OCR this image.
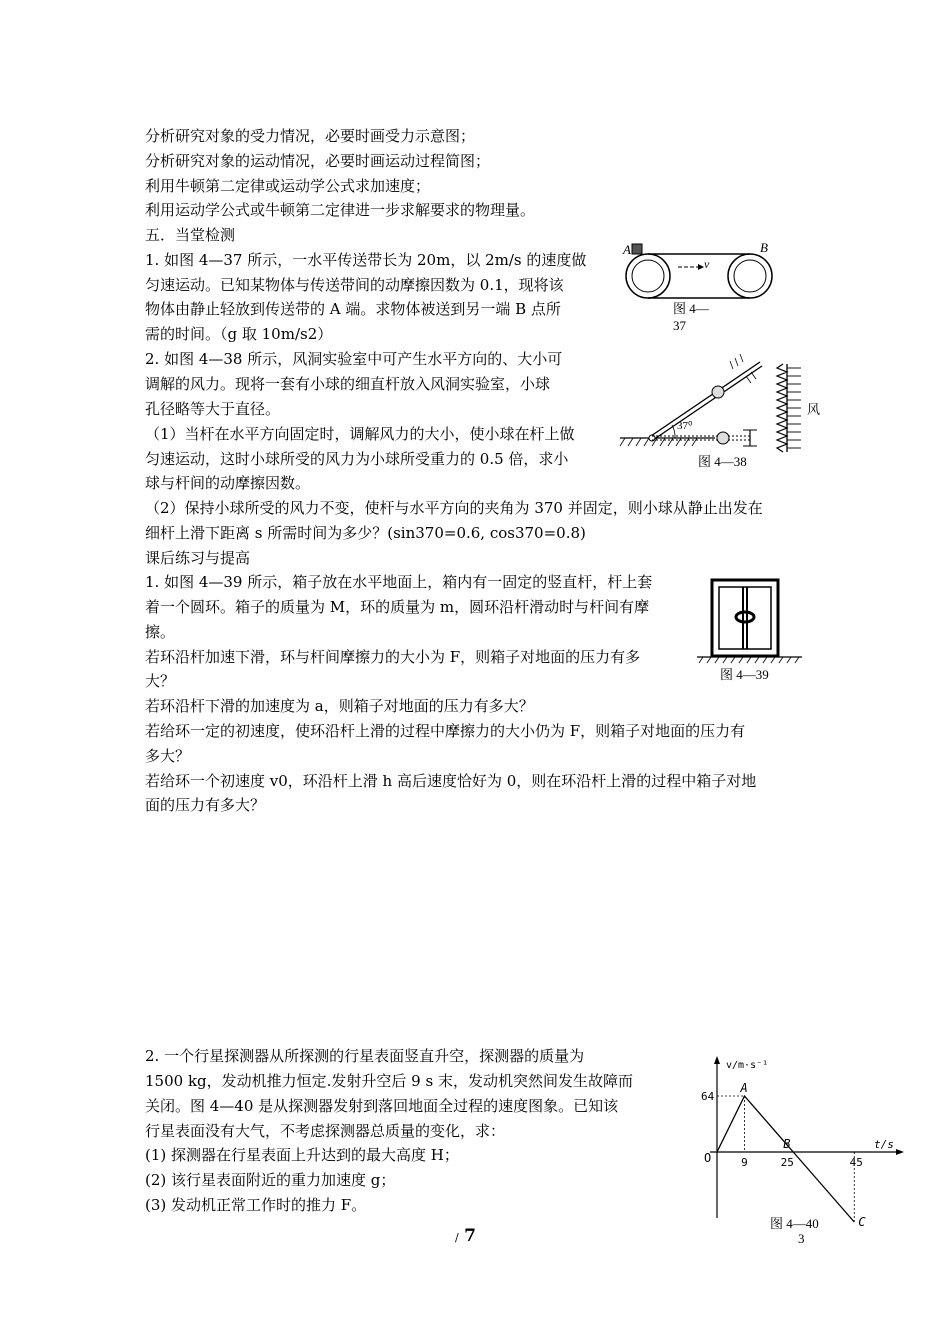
分析研究对象的受力情况，必要时画受力示意图；
分析研究对象的运动情况，必要时画运动过程简图；
利用牛顿第二定律或运动学公式求加速度；
利用运动学公式或牛顿第二定律进一步求解要求的物理量。
五．当堂检测
1. 如图 4—37 所示，一水平传送带长为 20m，以 2m/s 的速度做
匀速运动。已知某物体与传送带间的动摩擦因数为 0.1，现将该
物体由静止轻放到传送带的 A 端。求物体被送到另一端 B 点所
需的时间。（g 取 10m/s2）
A	B
v
图 4—
37
2. 如图 4—38 所示，风洞实验室中可产生水平方向的、大小可
调解的风力。现将一套有小球的细直杆放入风洞实验室，小球
孔径略等大于直径。
（1）当杆在水平方向固定时，调解风力的大小，使小球在杆上做
匀速运动，这时小球所受的风力为小球所受重力的 0.5 倍，求小
球与杆间的动摩擦因数。
（2）保持小球所受的风力不变，使杆与水平方向的夹角为 370 并固定，则小球从静止出发在
细杆上滑下距离 s 所需时间为多少？(sin370=0.6, cos370=0.8)
37⁰
风
图 4—38
课后练习与提高
1. 如图 4—39 所示，箱子放在水平地面上，箱内有一固定的竖直杆，杆上套
着一个圆环。箱子的质量为 M，环的质量为 m，圆环沿杆滑动时与杆间有摩
擦。
若环沿杆加速下滑，环与杆间摩擦力的大小为 F，则箱子对地面的压力有多
大？
若环沿杆下滑的加速度为 a，则箱子对地面的压力有多大？
若给环一定的初速度，使环沿杆上滑的过程中摩擦力的大小仍为 F，则箱子对地面的压力有
多大？
若给环一个初速度 v0，环沿杆上滑 h 高后速度恰好为 0，则在环沿杆上滑的过程中箱子对地
面的压力有多大？
图 4—39
2. 一个行星探测器从所探测的行星表面竖直升空，探测器的质量为
1500 kg，发动机推力恒定.发射升空后 9 s 末，发动机突然间发生故障而
关闭。图 4—40 是从探测器发射到落回地面全过程的速度图象。已知该
行星表面没有大气，不考虑探测器总质量的变化，求：
(1) 探测器在行星表面上升达到的最大高度 H；
(2) 该行星表面附近的重力加速度 g；
(3) 发动机正常工作时的推力 F。
v/m·s⁻¹
t/s
O
64
9	25	45
A
B
C
图 4—40
3
/ 7
